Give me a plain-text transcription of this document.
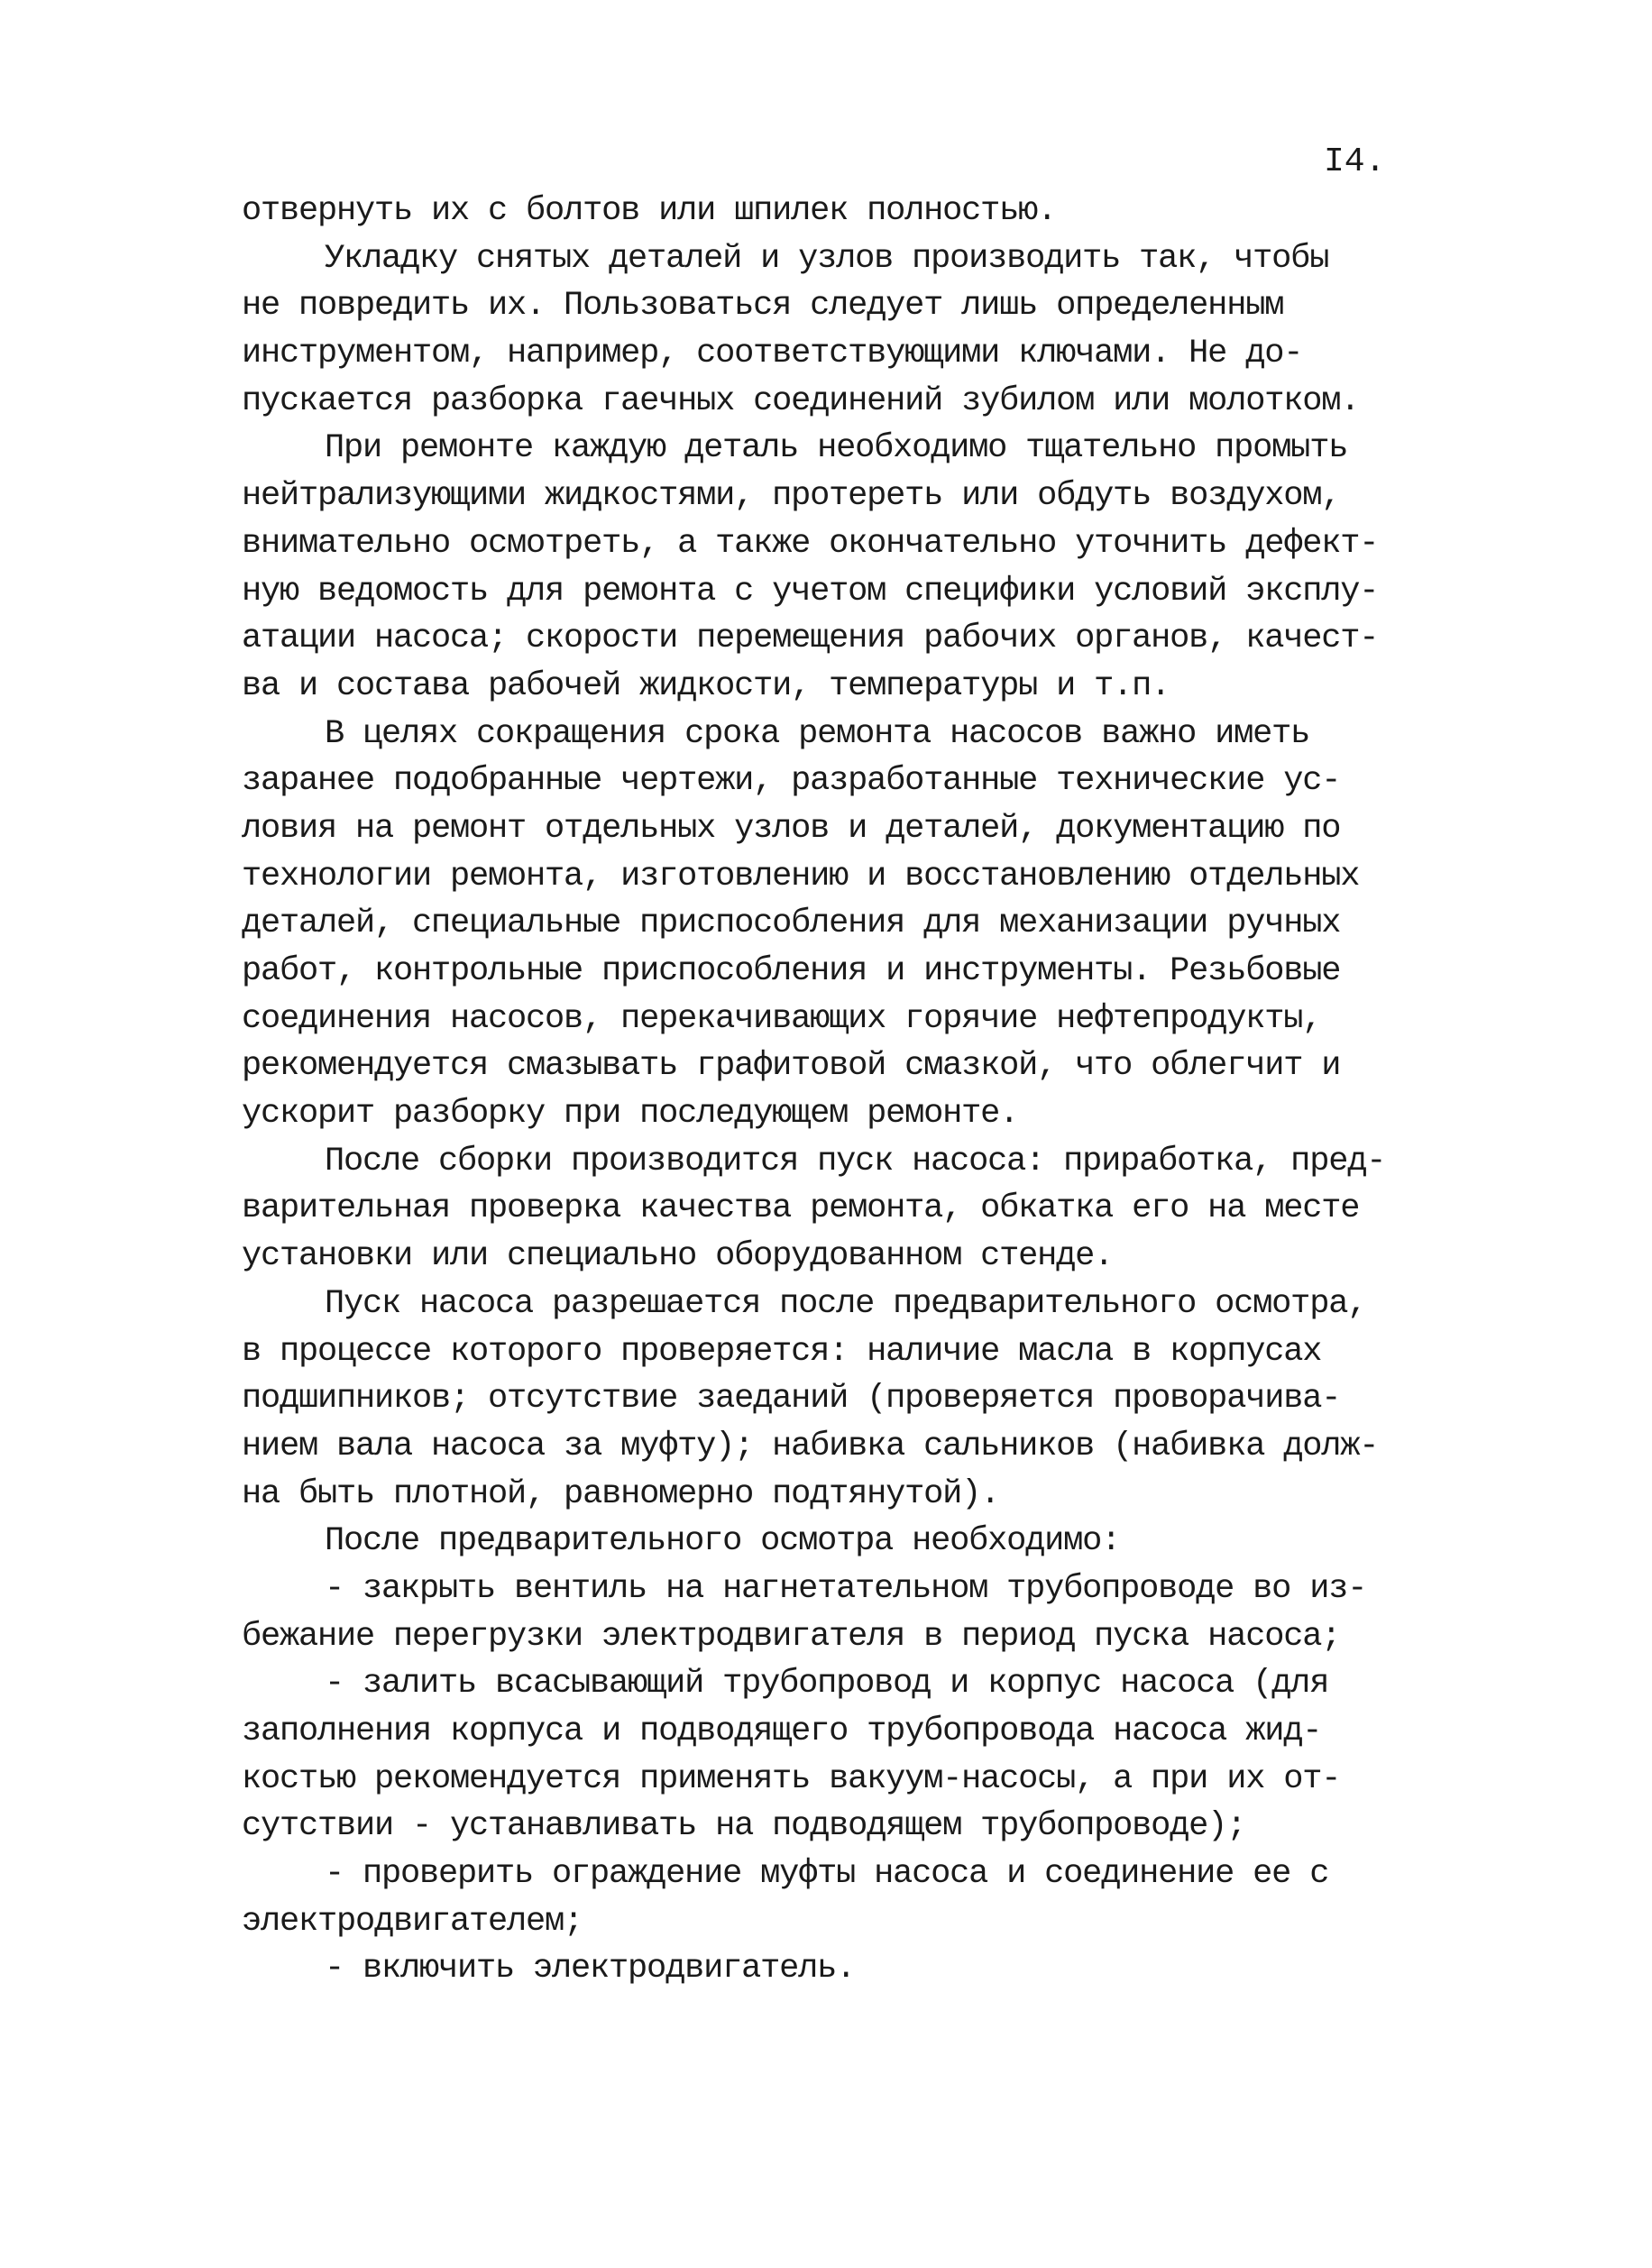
I4.
отвернуть их с болтов или шпилек полностью.
Укладку снятых деталей и узлов производить так, чтобы
не повредить их. Пользоваться следует лишь определенным
инструментом, например, соответствующими ключами. Не до-
пускается разборка гаечных соединений зубилом или молотком.
При ремонте каждую деталь необходимо тщательно промыть
нейтрализующими жидкостями, протереть или обдуть воздухом,
внимательно осмотреть, а также окончательно уточнить дефект-
ную ведомость для ремонта с учетом специфики условий эксплу-
атации насоса; скорости перемещения рабочих органов, качест-
ва и состава рабочей жидкости, температуры и т.п.
В целях сокращения срока ремонта насосов важно иметь
заранее подобранные чертежи, разработанные технические ус-
ловия на ремонт отдельных узлов и деталей, документацию по
технологии ремонта, изготовлению и восстановлению отдельных
деталей, специальные приспособления для механизации ручных
работ, контрольные приспособления и инструменты. Резьбовые
соединения насосов, перекачивающих горячие нефтепродукты,
рекомендуется смазывать графитовой смазкой, что облегчит и
ускорит разборку при последующем ремонте.
После сборки производится пуск насоса: приработка, пред-
варительная проверка качества ремонта, обкатка его на месте
установки или специально оборудованном стенде.
Пуск насоса разрешается после предварительного осмотра,
в процессе которого проверяется: наличие масла в корпусах
подшипников; отсутствие заеданий (проверяется проворачива-
нием вала насоса за муфту); набивка сальников (набивка долж-
на быть плотной, равномерно подтянутой).
После предварительного осмотра необходимо:
- закрыть вентиль на нагнетательном трубопроводе во из-
бежание перегрузки электродвигателя в период пуска насоса;
- залить всасывающий трубопровод и корпус насоса (для
заполнения корпуса и подводящего трубопровода насоса жид-
костью рекомендуется применять вакуум-насосы, а при их от-
сутствии - устанавливать на подводящем трубопроводе);
- проверить ограждение муфты насоса и соединение ее с
электродвигателем;
- включить электродвигатель.
